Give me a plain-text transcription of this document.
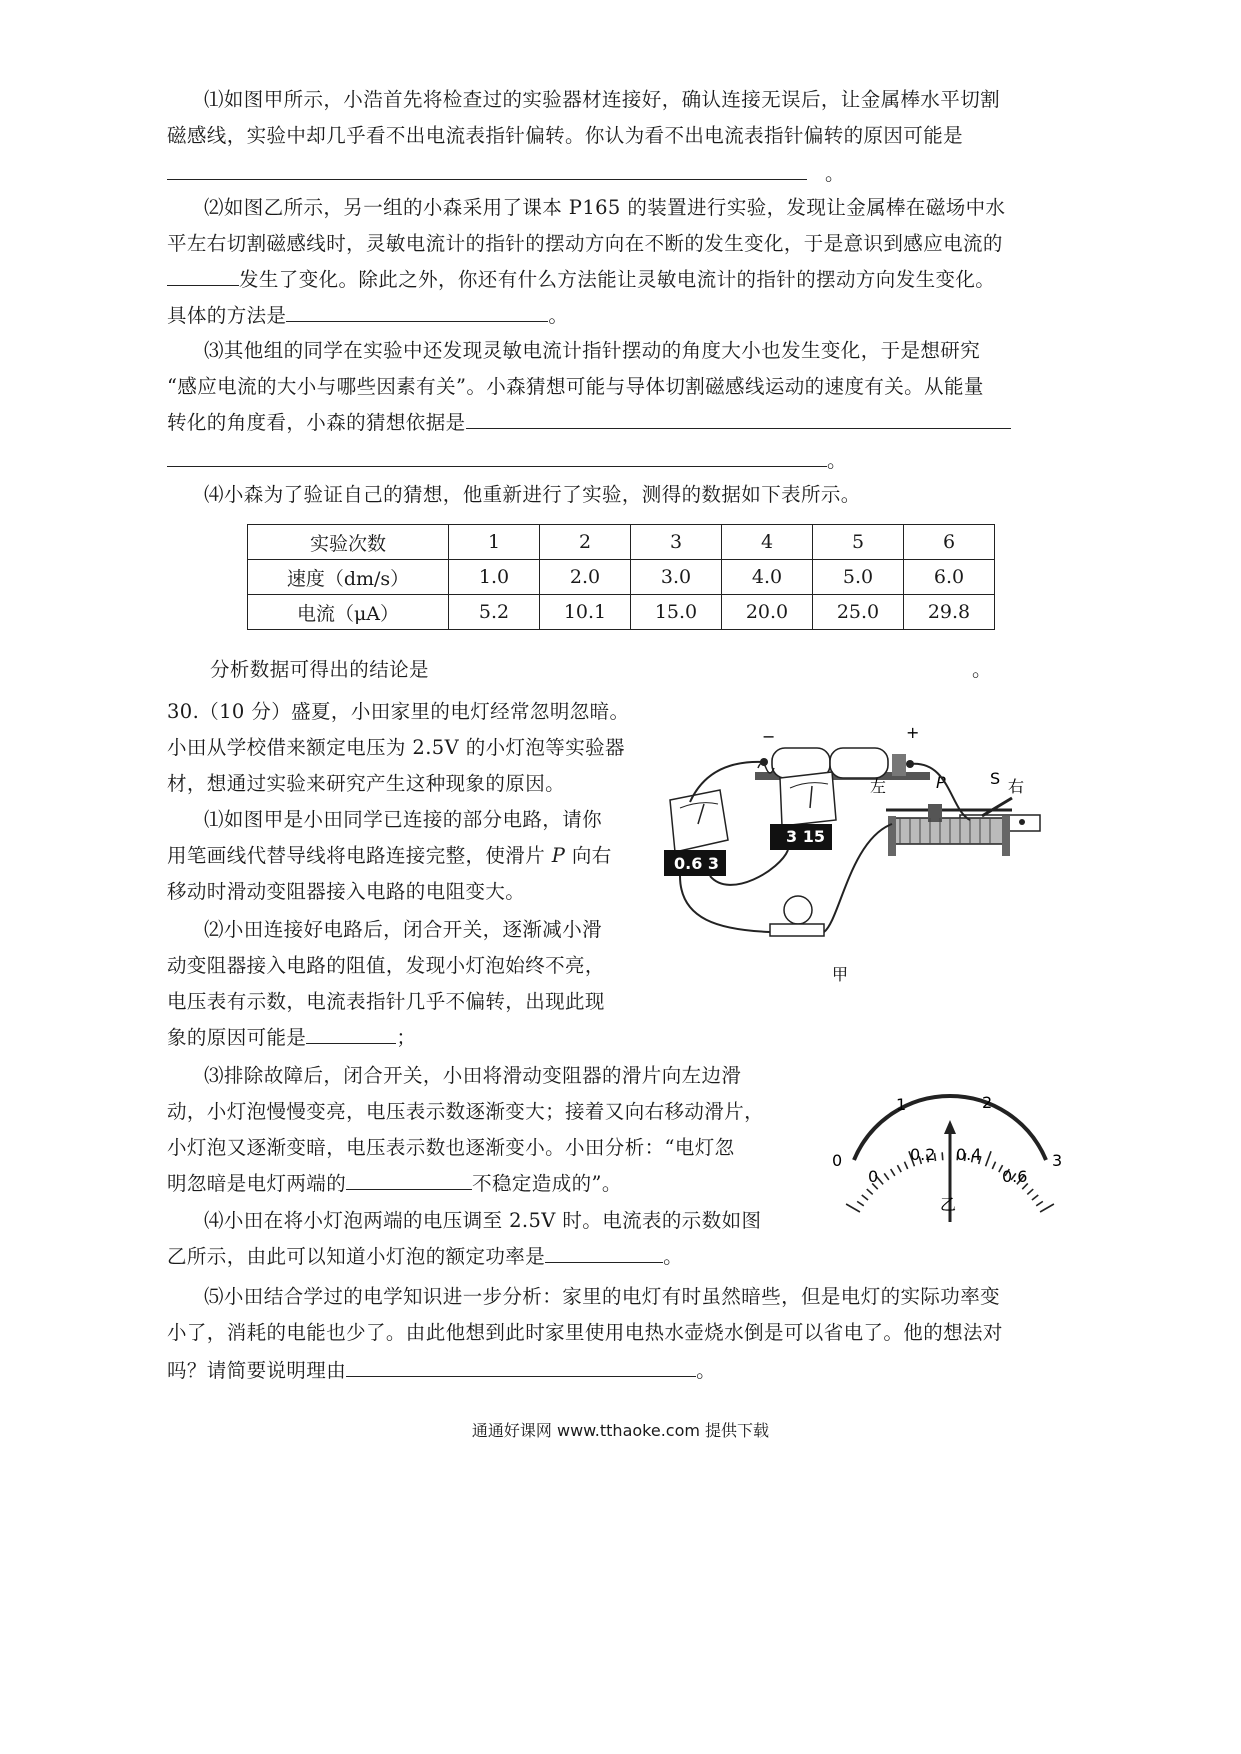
⑴如图甲所示，小浩首先将检查过的实验器材连接好，确认连接无误后，让金属棒水平切割
磁感线，实验中却几乎看不出电流表指针偏转。你认为看不出电流表指针偏转的原因可能是
。
⑵如图乙所示，另一组的小森采用了课本 P165 的装置进行实验，发现让金属棒在磁场中水
平左右切割磁感线时，灵敏电流计的指针的摆动方向在不断的发生变化，于是意识到感应电流的
发生了变化。除此之外，你还有什么方法能让灵敏电流计的指针的摆动方向发生变化。
具体的方法是	。
⑶其他组的同学在实验中还发现灵敏电流计指针摆动的角度大小也发生变化，于是想研究
“感应电流的大小与哪些因素有关”。小森猜想可能与导体切割磁感线运动的速度有关。从能量
转化的角度看，小森的猜想依据是
。
⑷小森为了验证自己的猜想，他重新进行了实验，测得的数据如下表所示。
实验次数	1	2	3	4	5	6
速度（dm/s）	1.0	2.0	3.0	4.0	5.0	6.0
电流（μA）	5.2	10.1	15.0	20.0	25.0	29.8
分析数据可得出的结论是	。
30.（10 分）盛夏，小田家里的电灯经常忽明忽暗。
小田从学校借来额定电压为 2.5V 的小灯泡等实验器
材，想通过实验来研究产生这种现象的原因。
⑴如图甲是小田同学已连接的部分电路，请你
用笔画线代替导线将电路连接完整，使滑片 P 向右
移动时滑动变阻器接入电路的电阻变大。
⑵小田连接好电路后，闭合开关，逐渐减小滑
动变阻器接入电路的阻值，发现小灯泡始终不亮，
电压表有示数，电流表指针几乎不偏转，出现此现
象的原因可能是	；
⑶排除故障后，闭合开关，小田将滑动变阻器的滑片向左边滑
动，小灯泡慢慢变亮，电压表示数逐渐变大；接着又向右移动滑片，
小灯泡又逐渐变暗，电压表示数也逐渐变小。小田分析：“电灯忽
明忽暗是电灯两端的	不稳定造成的”。
⑷小田在将小灯泡两端的电压调至 2.5V 时。电流表的示数如图
乙所示，由此可以知道小灯泡的额定功率是	。
⑸小田结合学过的电学知识进一步分析：家里的电灯有时虽然暗些，但是电灯的实际功率变
小了，消耗的电能也少了。由此他想到此时家里使用电热水壶烧水倒是可以省电了。他的想法对
吗？请简要说明理由	。
−	+
S
0.6 3
3 15
左	P	右
甲
0
1	2
3
0
0.2 0.4
0.6
乙
通通好课网 www.tthaoke.com 提供下载
